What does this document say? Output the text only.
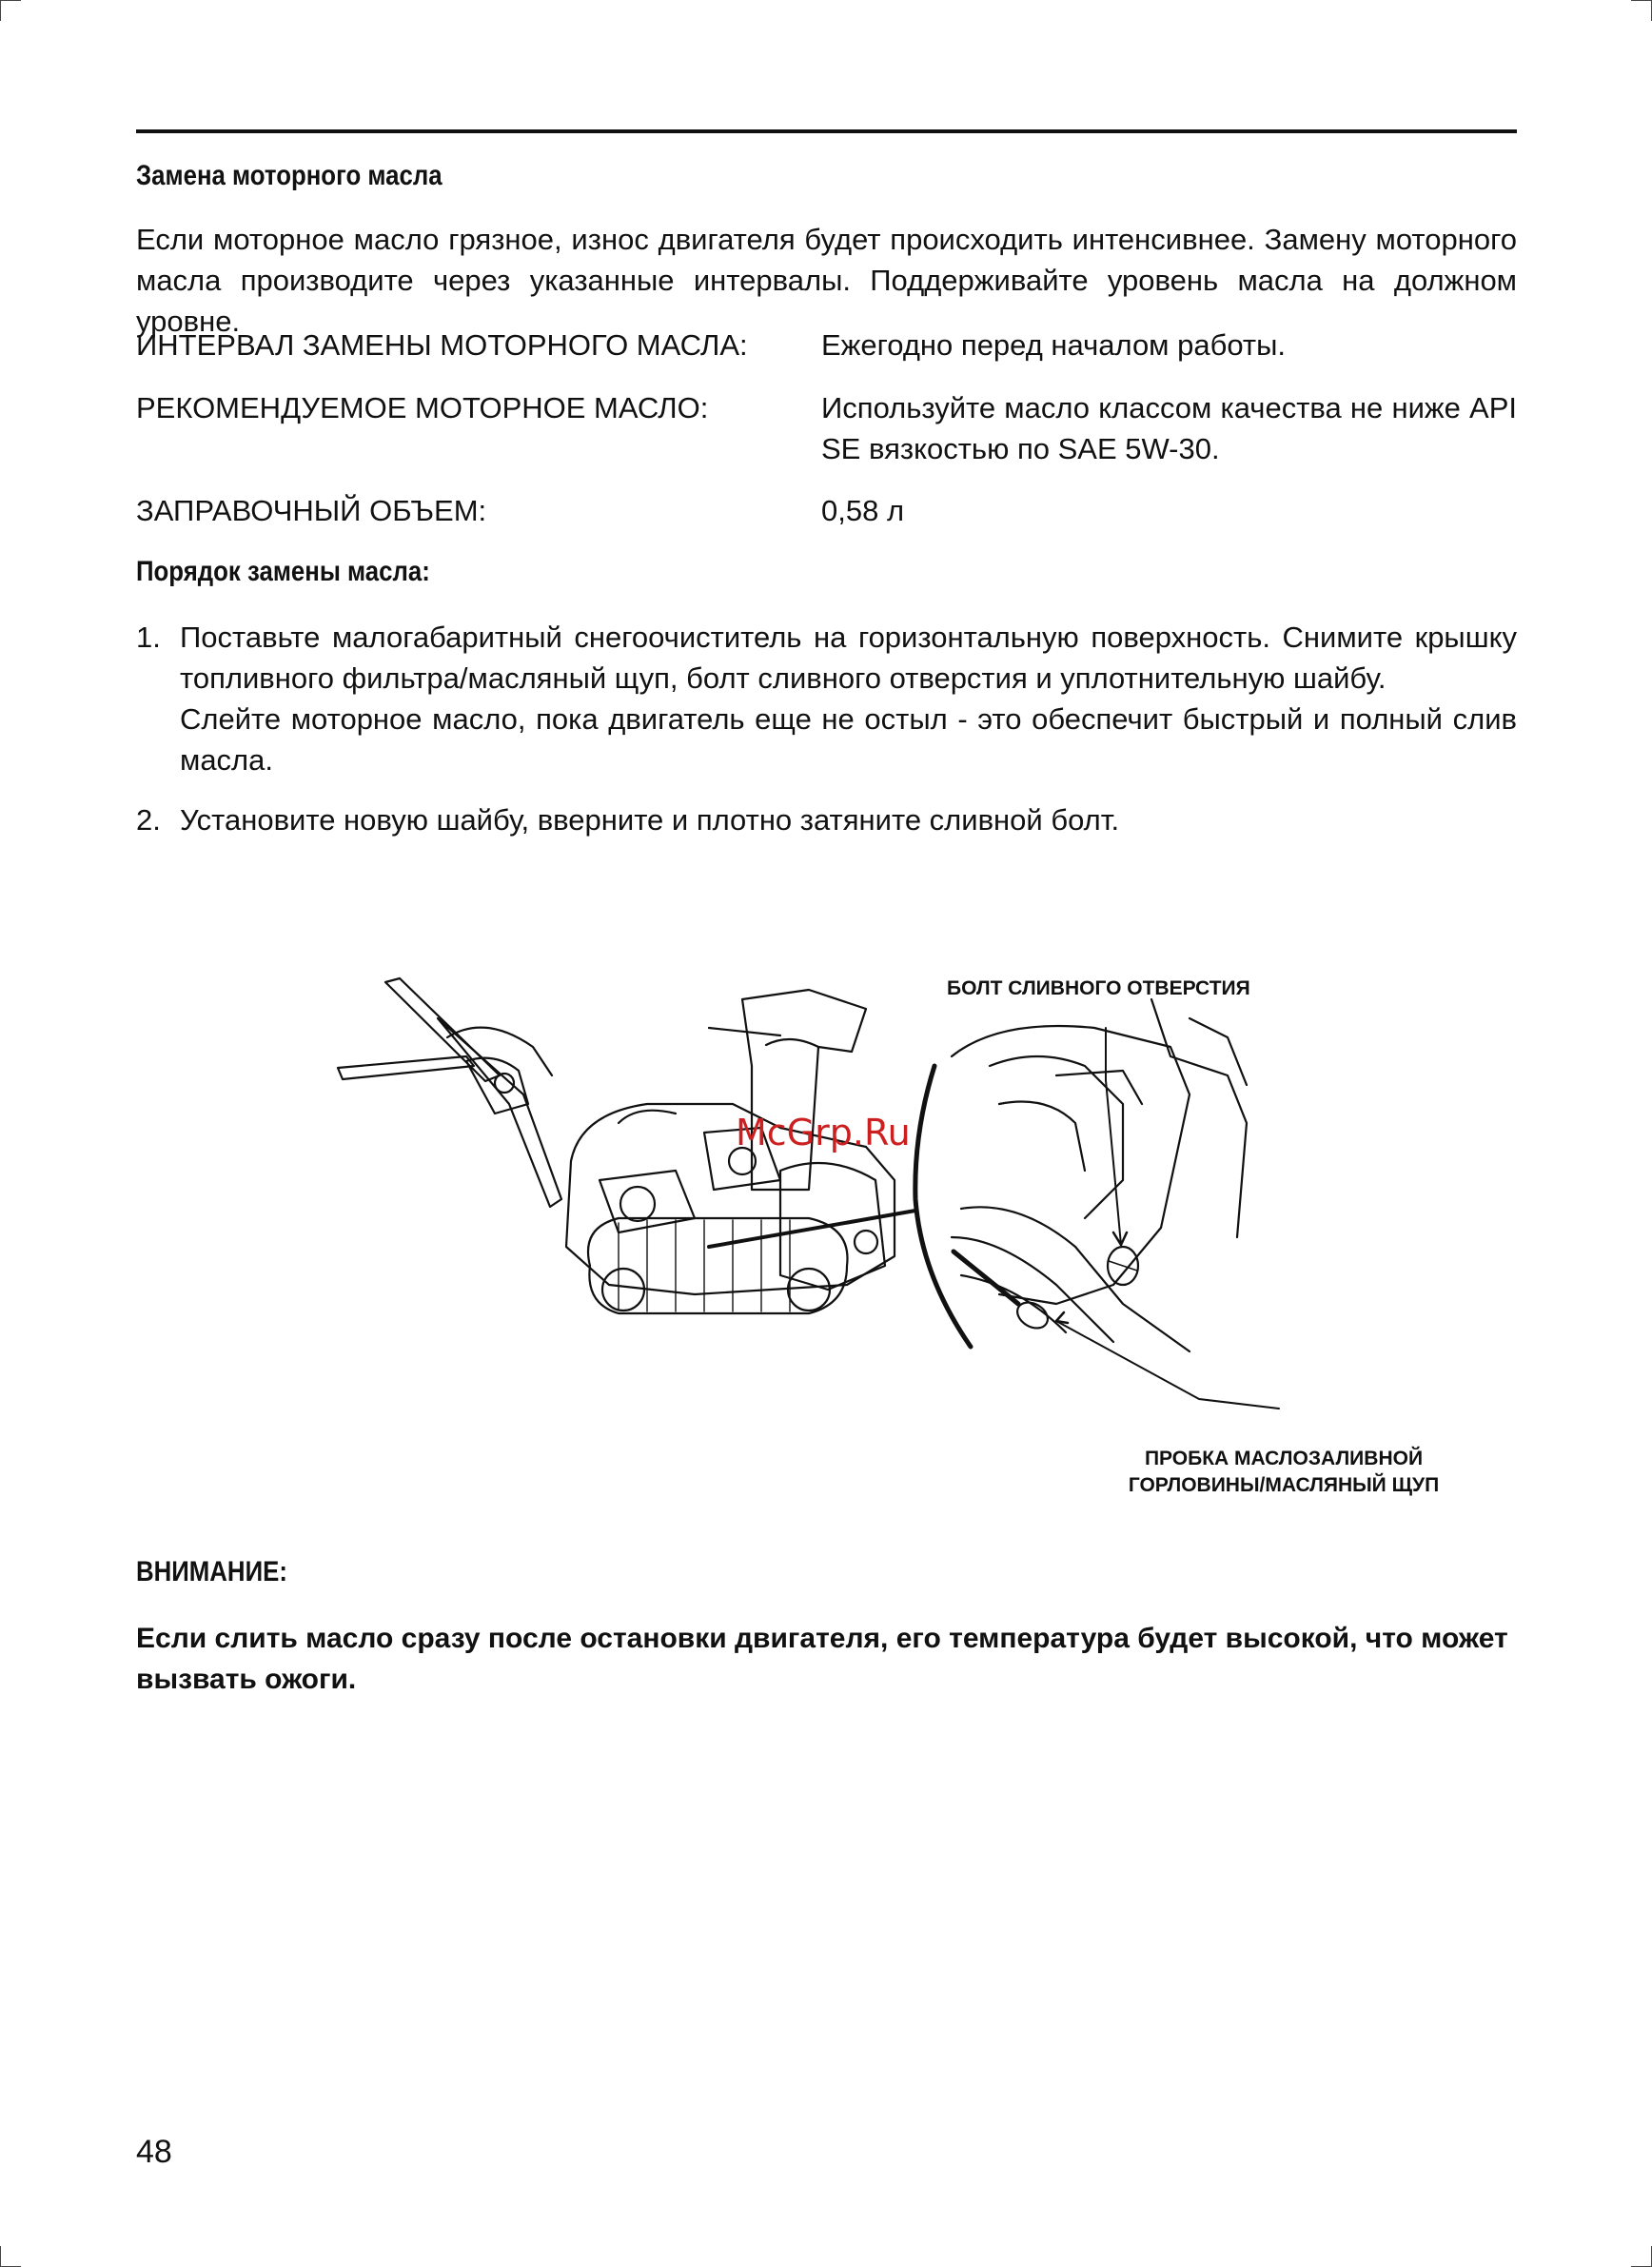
Замена моторного масла
Если моторное масло грязное, износ двигателя будет происходить интенсивнее. Замену моторного масла производите через указанные интервалы. Поддерживайте уровень масла на должном уровне.
ИНТЕРВАЛ ЗАМЕНЫ МОТОРНОГО МАСЛА: Ежегодно перед началом работы.
РЕКОМЕНДУЕМОЕ МОТОРНОЕ МАСЛО:	Используйте масло классом качества не ниже API SE вязкостью по SAE 5W-30.
ЗАПРАВОЧНЫЙ ОБЪЕМ:	0,58 л
Порядок замены масла:
1. Поставьте малогабаритный снегоочиститель на горизонтальную поверхность. Снимите крышку топливного фильтра/масляный щуп, болт сливного отверстия и уплотнительную шайбу.
Слейте моторное масло, пока двигатель еще не остыл - это обеспечит быстрый и полный слив масла.
2. Установите новую шайбу, вверните и плотно затяните сливной болт.
БОЛТ СЛИВНОГО ОТВЕРСТИЯ
ПРОБКА МАСЛОЗАЛИВНОЙ
ГОРЛОВИНЫ/МАСЛЯНЫЙ ЩУП
McGrp.Ru
ВНИМАНИЕ:
Если слить масло сразу после остановки двигателя, его температура будет высокой, что может вызвать ожоги.
48
